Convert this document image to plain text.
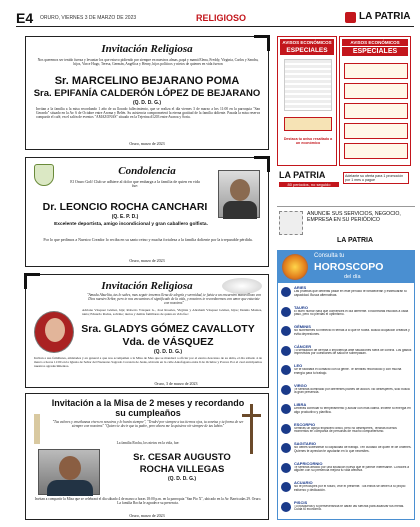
E4 ORURO, VIERNES 3 DE MARZO DE 2023	RELIGIOSO	LA PATRIA
Invitación Religiosa
Nos queremos ser tenido fuerza y levantar los que estuvo pidiendo por siempre en nuestros almas, papá y mamá Elena, Freddy, Virginia, Carlos y Sandra, hijos, Vince Hugo, Teresa, Germán, Angélica y Henry, hijos políticos y nietos de quienes en vida fueron
Sr. MARCELINO BEJARANO POMA
Sra. EPIFANÍA CALDERÓN LÓPEZ DE BEJARANO
(Q. D. D. G.)
Invitan a la familia a la misa recordando 1 año de su llorado fallecimiento, que se realiza el día viernes 3 de marzo a hrs 11:00 en la parroquia "San Gerardo" situado en la Av. 6 de Octubre entre Aroma y Belén. Su asistencia comprometerá la eterna gratitud de la familia doliente. Pasada la misa reserva compartir el café, en el salón de eventos "AMAZONAS" situado en la Tejerina #1203 entre Avaroa y Soria.
Oruro, marzo de 2023
Condolencia
El Oruro Golf Club se adhiere al dolor que embarga a la familia de quien en vida fue:
Dr. LEONCIO ROCHA CANCHARI
(Q. E. P. D.)
Excelente deportista, amigo incondicional y gran caballero golfista.
Por lo que pedimos a Nuestro Creador lo reciba en su santo reino y mucha fortaleza a la familia doliente por la irreparable pérdida.
Oruro, marzo de 2023
Invitación Religiosa
"Amada Abuelita, tus lo sabes, mas seguir tenemos llena de alegría y serenidad, te fuiste a un encuentro maravilloso con Dios nuestro Señor, pero te nos encuentras el significado de la vida, y nosotros te recordaremos con amor que estuviste con nosotros"
Adriana Vásquez Gómez, hija; Roberto Vásquez G., José Rosales, Virginia y Abraham Vásquez Gómez, hijos; Dennis Montes, nieta; Eduardo Rodas, sobrino; nietos y demás familiares de quien en vida fue:
Sra. GLADYS GÓMEZ CAVALLOTY
Vda. de VÁSQUEZ
(Q. D. D. G.)
Invitan a sus familiares, amistades y en general a que nos acompañen a la Misa de Mes que se mandará a oficiar por el eterno descanso de su alma, el día sábado 4 de marzo a horas 11:00 en la Iglesia de Señor del Nazareno Sagrado Corazón de Jesús, ubicada en la calle Antofagasta entre 6 de Octubre y Potosí. Por el cual anticipamos nuestros agradecimientos.
Oruro, 3 de marzo de 2023
Invitación a la Misa de 2 meses y recordando su cumpleaños
"Tus valores y enseñanzas viven en nosotros y lo harán siempre", "Tendré por siempre a tus tiernos ojos, tu sonrisa y tu forma de ser siempre con nosotros" "Quiero te decir que tu padre, pero ahora me la quisiera oír siempre de tus labios"
La familia Rocha, los nietos en la vida, fue:
Sr. CESAR AUGUSTO
ROCHA VILLEGAS
(Q. D. D. G.)
Invitan a compartir la Misa que se celebrará el día sábado 4 de marzo a horas 18:00 p.m. en la parroquia "San Pío X", ubicado en la Av. Barricadas 29. Oruro. La familia Rocha le agradece su presencia.
Oruro, marzo de 2023
AVISOS ECONÓMICOS
ESPECIALES
Destaca tu aviso resaltado a un económico
AVISOS ECONÓMICOS
ESPECIALES
LA PATRIA
80 períodos, no seguido
Adelante su oferta para 1 promoción por 1 mes u pague
ANUNCIE SUS SERVICIOS, NEGOCIO, EMPRESA EN SU PERIÓDICO
LA PATRIA
Consulta tu
HOROSCOPO
del día
ARIES
Las pruebas que deberás pasar en este período te fortalecerán y estimularán tu capacidad. Busca alternativas.
TAURO
El buen humor hará que comiences el día diferente. Encontrarás escollos a cada paso, pero no pierdas el optimismo.
GÉMINIS
No subestimes tu intelecto ni temas a lo que te rodea. Busca ocupación creativa y evita depresiones.
CÁNCER
Tu sensación de derrota o impotencia ante situaciones fuera de control. Los gastos imprevistos por cuestiones de salud te sobrepasan.
LEO
Se te facilitará el contacto con la gente. Te sentirás reconocido y con mucha energía para tu trabajo.
VIRGO
Te sentirás dominado por diferentes planes de acción. No desesperes, sólo busca la gran presencia.
LIBRA
Deberás controlar tu temperamento y actuar con más calma. Invierte tu energía en algo productivo y planifica.
ESCORPIO
Sentirás un apoyo financiero difícil, pero no desesperes. Tendrás buenos momentos en compañía de personas de mucho compañerismo.
SAGITARIO
No debes subestimar tu capacidad de trabajo. Ten cuidado de quien te dé órdenes. Quienes te aprecian te ayudarán en lo que necesites.
CAPRICORNIO
Te sentirás atraído por una situación nueva que te parece interesante. Conoces a alguien con su presencia mejora tu vida afectiva.
ACUARIO
No te preocupes por el futuro, vive el presente. Tus éxitos se deben a tu propio esfuerzo y dedicación.
PISCIS
Tu búsqueda y tu perseverancia te darán las fuerzas para alcanzar tus metas. Cuida tu economía.
